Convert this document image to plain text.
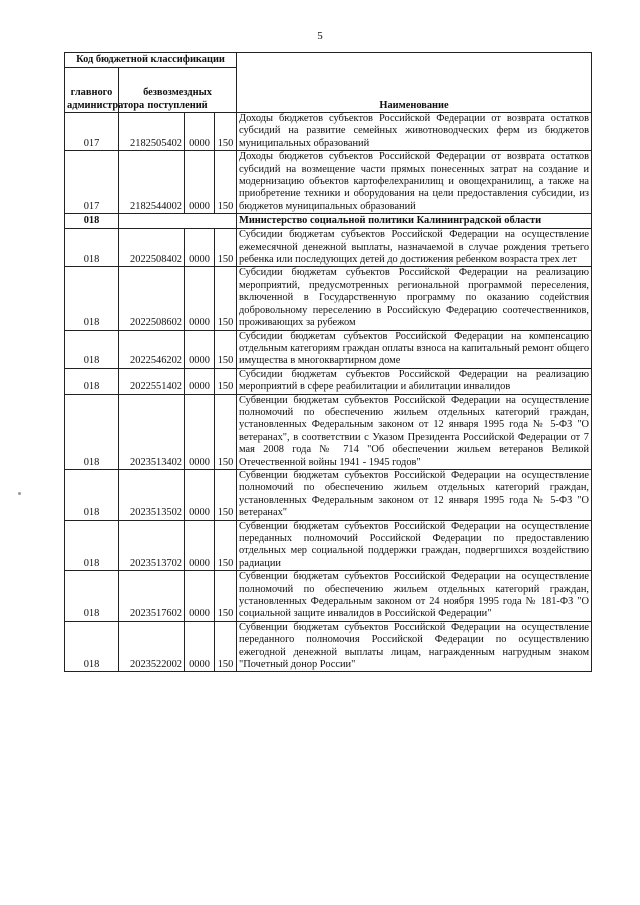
5
Код бюджетной классификации				Наименование
главного администратора	безвозмездных поступлений			
017	2182505402	0000	150	Доходы бюджетов субъектов Российской Федерации от возврата остатков субсидий на развитие семейных животноводческих ферм из бюджетов муниципальных образований
017	2182544002	0000	150	Доходы бюджетов субъектов Российской Федерации от возврата остатков субсидий на возмещение части прямых понесенных затрат на создание и модернизацию объектов картофелехранилищ и овощехранилищ, а также на приобретение техники и оборудования на цели предоставления субсидии, из бюджетов муниципальных образований
018				Министерство социальной политики Калининградской области
018	2022508402	0000	150	Субсидии бюджетам субъектов Российской Федерации на осуществление ежемесячной денежной выплаты, назначаемой в случае рождения третьего ребенка или последующих детей до достижения ребенком возраста трех лет
018	2022508602	0000	150	Субсидии бюджетам субъектов Российской Федерации на реализацию мероприятий, предусмотренных региональной программой переселения, включенной в Государственную программу по оказанию содействия добровольному переселению в Российскую Федерацию соотечественников, проживающих за рубежом
018	2022546202	0000	150	Субсидии бюджетам субъектов Российской Федерации на компенсацию отдельным категориям граждан оплаты взноса на капитальный ремонт общего имущества в многоквартирном доме
018	2022551402	0000	150	Субсидии бюджетам субъектов Российской Федерации на реализацию мероприятий в сфере реабилитации и абилитации инвалидов
018	2023513402	0000	150	Субвенции бюджетам субъектов Российской Федерации на осуществление полномочий по обеспечению жильем отдельных категорий граждан, установленных Федеральным законом от 12 января 1995 года № 5-ФЗ "О ветеранах", в соответствии с Указом Президента Российской Федерации от 7 мая 2008 года № 714 "Об обеспечении жильем ветеранов Великой Отечественной войны 1941 - 1945 годов"
018	2023513502	0000	150	Субвенции бюджетам субъектов Российской Федерации на осуществление полномочий по обеспечению жильем отдельных категорий граждан, установленных Федеральным законом от 12 января 1995 года № 5-ФЗ "О ветеранах"
018	2023513702	0000	150	Субвенции бюджетам субъектов Российской Федерации на осуществление переданных полномочий Российской Федерации по предоставлению отдельных мер социальной поддержки граждан, подвергшихся воздействию радиации
018	2023517602	0000	150	Субвенции бюджетам субъектов Российской Федерации на осуществление полномочий по обеспечению жильем отдельных категорий граждан, установленных Федеральным законом от 24 ноября 1995 года № 181-ФЗ "О социальной защите инвалидов в Российской Федерации"
018	2023522002	0000	150	Субвенции бюджетам субъектов Российской Федерации на осуществление переданного полномочия Российской Федерации по осуществлению ежегодной денежной выплаты лицам, награжденным нагрудным знаком "Почетный донор России"
